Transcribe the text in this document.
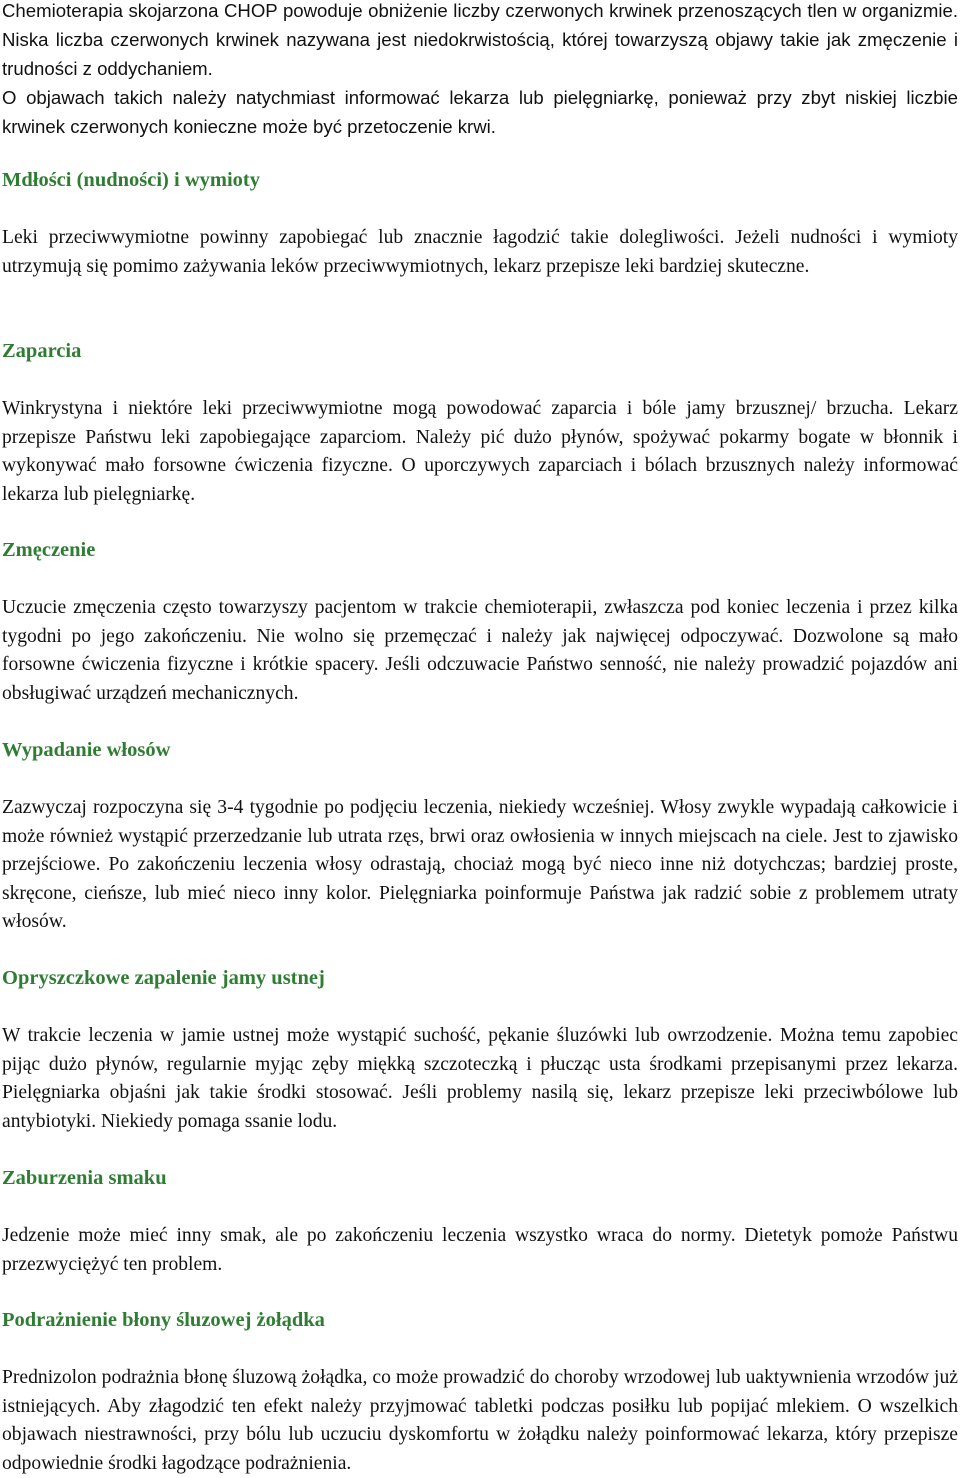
Chemioterapia skojarzona CHOP powoduje obniżenie liczby czerwonych krwinek przenoszących tlen w organizmie. Niska liczba czerwonych krwinek nazywana jest niedokrwistością, której towarzyszą objawy takie jak zmęczenie i trudności z oddychaniem.
O objawach takich należy natychmiast informować lekarza lub pielęgniarkę, ponieważ przy zbyt niskiej liczbie krwinek czerwonych konieczne może być przetoczenie krwi.

Mdłości (nudności) i wymioty

Leki przeciwwymiotne powinny zapobiegać lub znacznie łagodzić takie dolegliwości. Jeżeli nudności i wymioty utrzymują się pomimo zażywania leków przeciwwymiotnych, lekarz przepisze leki bardziej skuteczne.

Zaparcia

Winkrystyna i niektóre leki przeciwwymiotne mogą powodować zaparcia i bóle jamy brzusznej/ brzucha. Lekarz przepisze Państwu leki zapobiegające zaparciom. Należy pić dużo płynów, spożywać pokarmy bogate w błonnik i wykonywać mało forsowne ćwiczenia fizyczne. O uporczywych zaparciach i bólach brzusznych należy informować lekarza lub pielęgniarkę.

Zmęczenie

Uczucie zmęczenia często towarzyszy pacjentom w trakcie chemioterapii, zwłaszcza pod koniec leczenia i przez kilka tygodni po jego zakończeniu. Nie wolno się przemęczać i należy jak najwięcej odpoczywać. Dozwolone są mało forsowne ćwiczenia fizyczne i krótkie spacery. Jeśli odczuwacie Państwo senność, nie należy prowadzić pojazdów ani obsługiwać urządzeń mechanicznych.

Wypadanie włosów

Zazwyczaj rozpoczyna się 3-4 tygodnie po podjęciu leczenia, niekiedy wcześniej. Włosy zwykle wypadają całkowicie i może również wystąpić przerzedzanie lub utrata rzęs, brwi oraz owłosienia w innych miejscach na ciele. Jest to zjawisko przejściowe. Po zakończeniu leczenia włosy odrastają, chociaż mogą być nieco inne niż dotychczas; bardziej proste, skręcone, cieńsze, lub mieć nieco inny kolor. Pielęgniarka poinformuje Państwa jak radzić sobie z problemem utraty włosów.

Opryszczkowe zapalenie jamy ustnej

W trakcie leczenia w jamie ustnej może wystąpić suchość, pękanie śluzówki lub owrzodzenie. Można temu zapobiec pijąc dużo płynów, regularnie myjąc zęby miękką szczoteczką i płucząc usta środkami przepisanymi przez lekarza. Pielęgniarka objaśni jak takie środki stosować. Jeśli problemy nasilą się, lekarz przepisze leki przeciwbólowe lub antybiotyki. Niekiedy pomaga ssanie lodu.

Zaburzenia smaku

Jedzenie może mieć inny smak, ale po zakończeniu leczenia wszystko wraca do normy. Dietetyk pomoże Państwu przezwyciężyć ten problem.

Podrażnienie błony śluzowej żołądka

Prednizolon podrażnia błonę śluzową żołądka, co może prowadzić do choroby wrzodowej lub uaktywnienia wrzodów już istniejących. Aby złagodzić ten efekt należy przyjmować tabletki podczas posiłku lub popijać mlekiem. O wszelkich objawach niestrawności, przy bólu lub uczuciu dyskomfortu w żołądku należy poinformować lekarza, który przepisze odpowiednie środki łagodzące podrażnienia.
